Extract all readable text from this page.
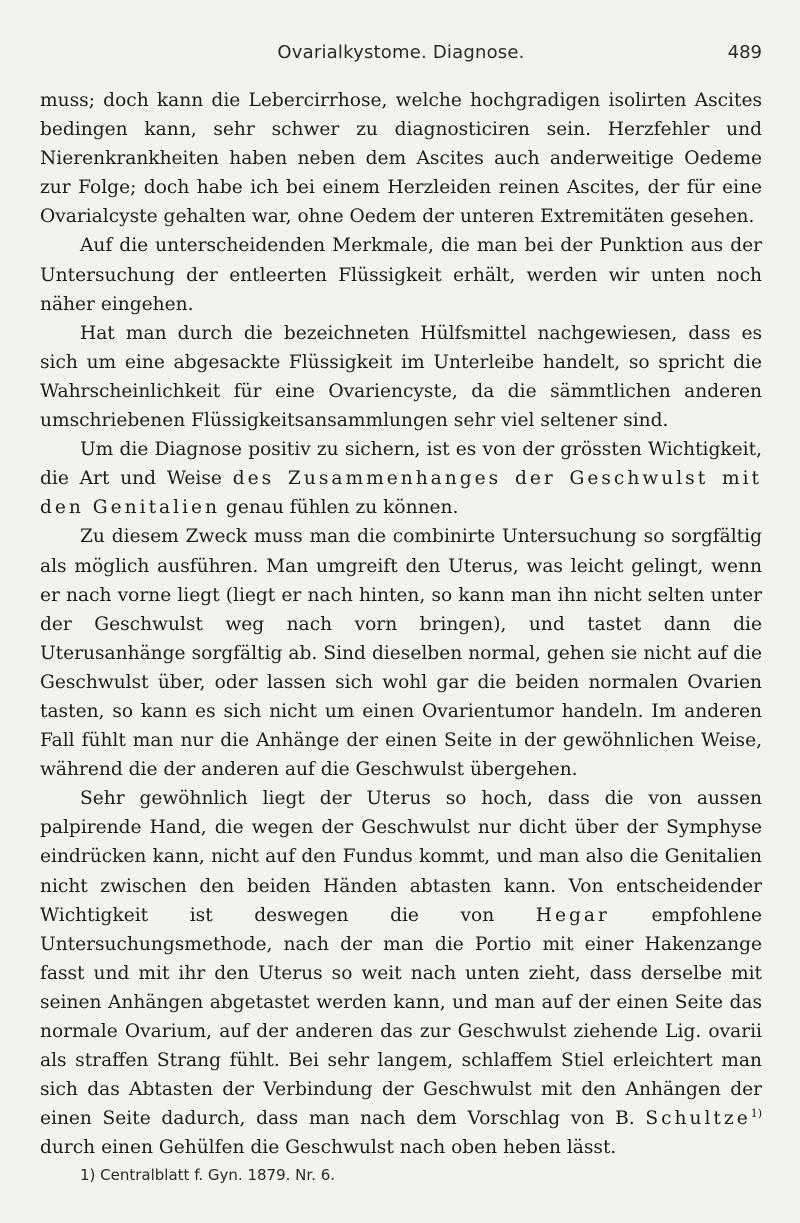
Ovarialkystome. Diagnose.	489

muss; doch kann die Lebercirrhose, welche hochgradigen isolirten Ascites bedingen kann, sehr schwer zu diagnosticiren sein. Herzfehler und Nierenkrankheiten haben neben dem Ascites auch anderweitige Oedeme zur Folge; doch habe ich bei einem Herzleiden reinen Ascites, der für eine Ovarialcyste gehalten war, ohne Oedem der unteren Extremitäten gesehen.

Auf die unterscheidenden Merkmale, die man bei der Punktion aus der Untersuchung der entleerten Flüssigkeit erhält, werden wir unten noch näher eingehen.

Hat man durch die bezeichneten Hülfsmittel nachgewiesen, dass es sich um eine abgesackte Flüssigkeit im Unterleibe handelt, so spricht die Wahrscheinlichkeit für eine Ovariencyste, da die sämmtlichen anderen umschriebenen Flüssigkeitsansammlungen sehr viel seltener sind.

Um die Diagnose positiv zu sichern, ist es von der grössten Wichtigkeit, die Art und Weise des Zusammenhanges der Geschwulst mit den Genitalien genau fühlen zu können.

Zu diesem Zweck muss man die combinirte Untersuchung so sorgfältig als möglich ausführen. Man umgreift den Uterus, was leicht gelingt, wenn er nach vorne liegt (liegt er nach hinten, so kann man ihn nicht selten unter der Geschwulst weg nach vorn bringen), und tastet dann die Uterusanhänge sorgfältig ab. Sind dieselben normal, gehen sie nicht auf die Geschwulst über, oder lassen sich wohl gar die beiden normalen Ovarien tasten, so kann es sich nicht um einen Ovarientumor handeln. Im anderen Fall fühlt man nur die Anhänge der einen Seite in der gewöhnlichen Weise, während die der anderen auf die Geschwulst übergehen.

Sehr gewöhnlich liegt der Uterus so hoch, dass die von aussen palpirende Hand, die wegen der Geschwulst nur dicht über der Symphyse eindrücken kann, nicht auf den Fundus kommt, und man also die Genitalien nicht zwischen den beiden Händen abtasten kann. Von entscheidender Wichtigkeit ist deswegen die von Hegar empfohlene Untersuchungsmethode, nach der man die Portio mit einer Hakenzange fasst und mit ihr den Uterus so weit nach unten zieht, dass derselbe mit seinen Anhängen abgetastet werden kann, und man auf der einen Seite das normale Ovarium, auf der anderen das zur Geschwulst ziehende Lig. ovarii als straffen Strang fühlt. Bei sehr langem, schlaffem Stiel erleichtert man sich das Abtasten der Verbindung der Geschwulst mit den Anhängen der einen Seite dadurch, dass man nach dem Vorschlag von B. Schultze$^{1)}$ durch einen Gehülfen die Geschwulst nach oben heben lässt.

1) Centralblatt f. Gyn. 1879. Nr. 6.
